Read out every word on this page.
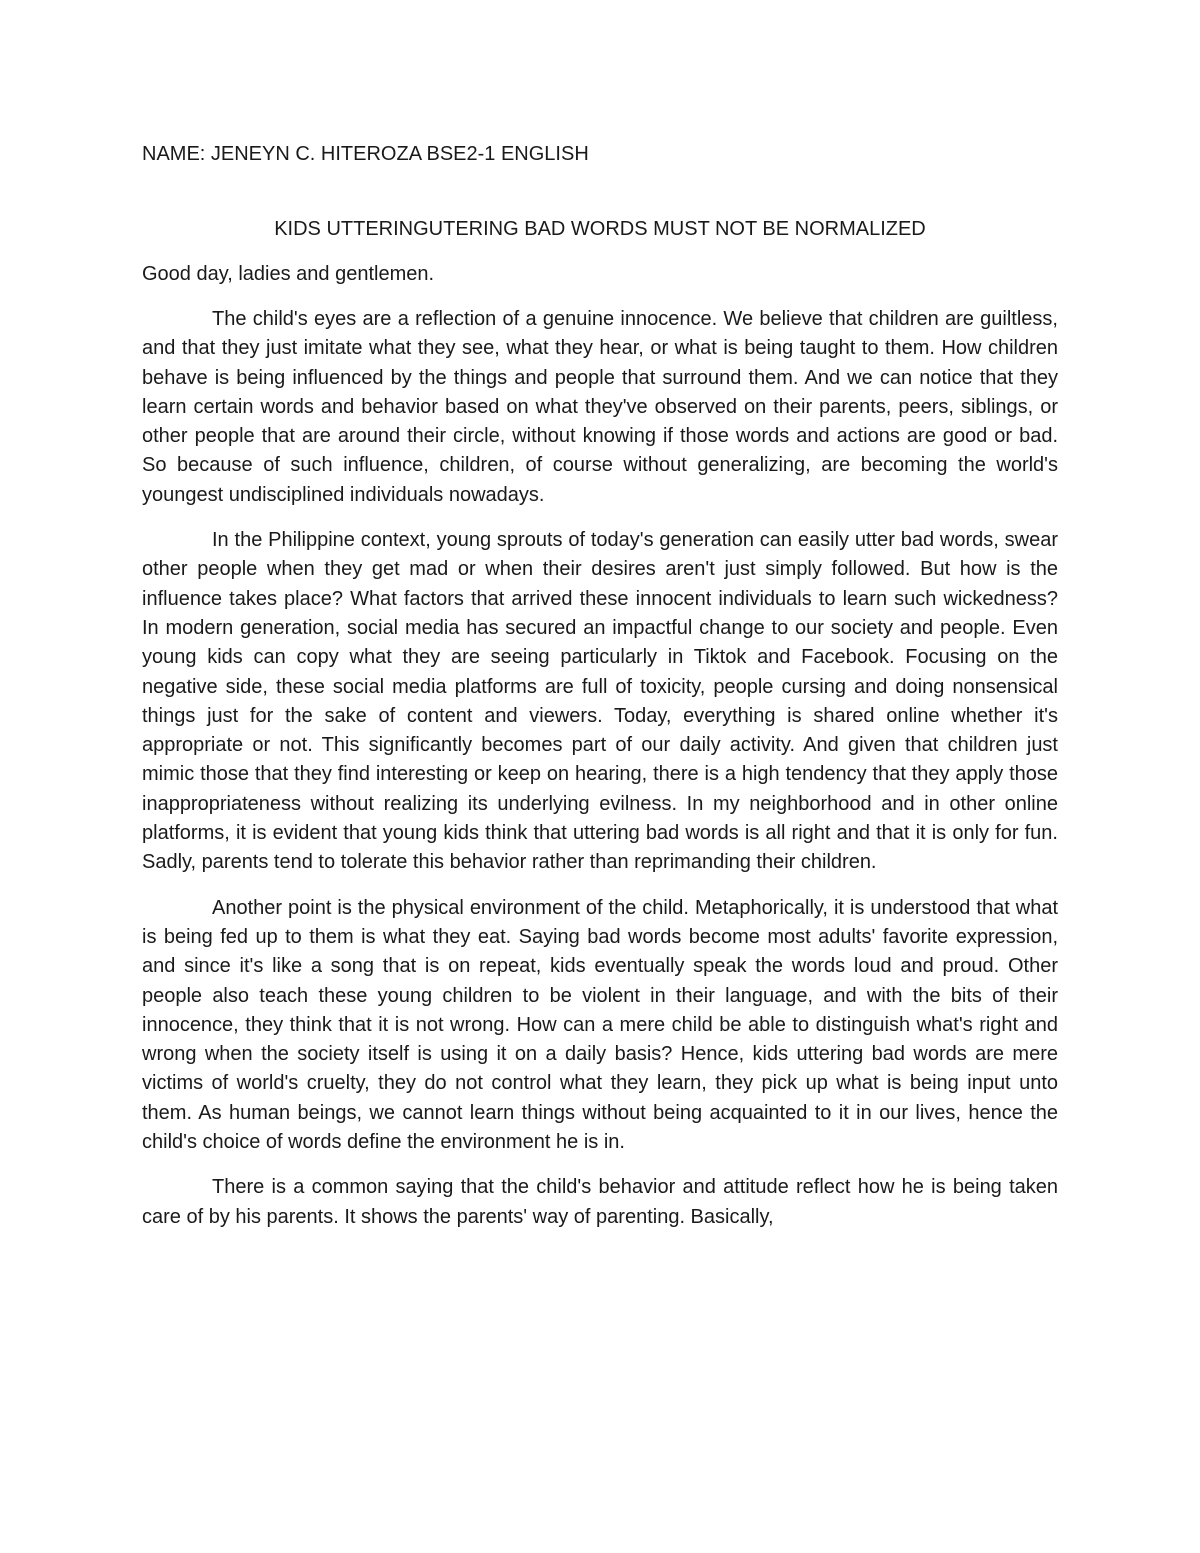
NAME: JENEYN C. HITEROZA BSE2-1 ENGLISH

KIDS UTTERINGUTERING BAD WORDS MUST NOT BE NORMALIZED

Good day, ladies and gentlemen.

The child's eyes are a reflection of a genuine innocence. We believe that children are guiltless, and that they just imitate what they see, what they hear, or what is being taught to them. How children behave is being influenced by the things and people that surround them. And we can notice that they learn certain words and behavior based on what they've observed on their parents, peers, siblings, or other people that are around their circle, without knowing if those words and actions are good or bad. So because of such influence, children, of course without generalizing, are becoming the world's youngest undisciplined individuals nowadays.

In the Philippine context, young sprouts of today's generation can easily utter bad words, swear other people when they get mad or when their desires aren't just simply followed. But how is the influence takes place? What factors that arrived these innocent individuals to learn such wickedness? In modern generation, social media has secured an impactful change to our society and people. Even young kids can copy what they are seeing particularly in Tiktok and Facebook. Focusing on the negative side, these social media platforms are full of toxicity, people cursing and doing nonsensical things just for the sake of content and viewers. Today, everything is shared online whether it's appropriate or not. This significantly becomes part of our daily activity. And given that children just mimic those that they find interesting or keep on hearing, there is a high tendency that they apply those inappropriateness without realizing its underlying evilness. In my neighborhood and in other online platforms, it is evident that young kids think that uttering bad words is all right and that it is only for fun. Sadly, parents tend to tolerate this behavior rather than reprimanding their children.

Another point is the physical environment of the child. Metaphorically, it is understood that what is being fed up to them is what they eat. Saying bad words become most adults' favorite expression, and since it's like a song that is on repeat, kids eventually speak the words loud and proud. Other people also teach these young children to be violent in their language, and with the bits of their innocence, they think that it is not wrong. How can a mere child be able to distinguish what's right and wrong when the society itself is using it on a daily basis? Hence, kids uttering bad words are mere victims of world's cruelty, they do not control what they learn, they pick up what is being input unto them. As human beings, we cannot learn things without being acquainted to it in our lives, hence the child's choice of words define the environment he is in.

There is a common saying that the child's behavior and attitude reflect how he is being taken care of by his parents. It shows the parents' way of parenting. Basically,
